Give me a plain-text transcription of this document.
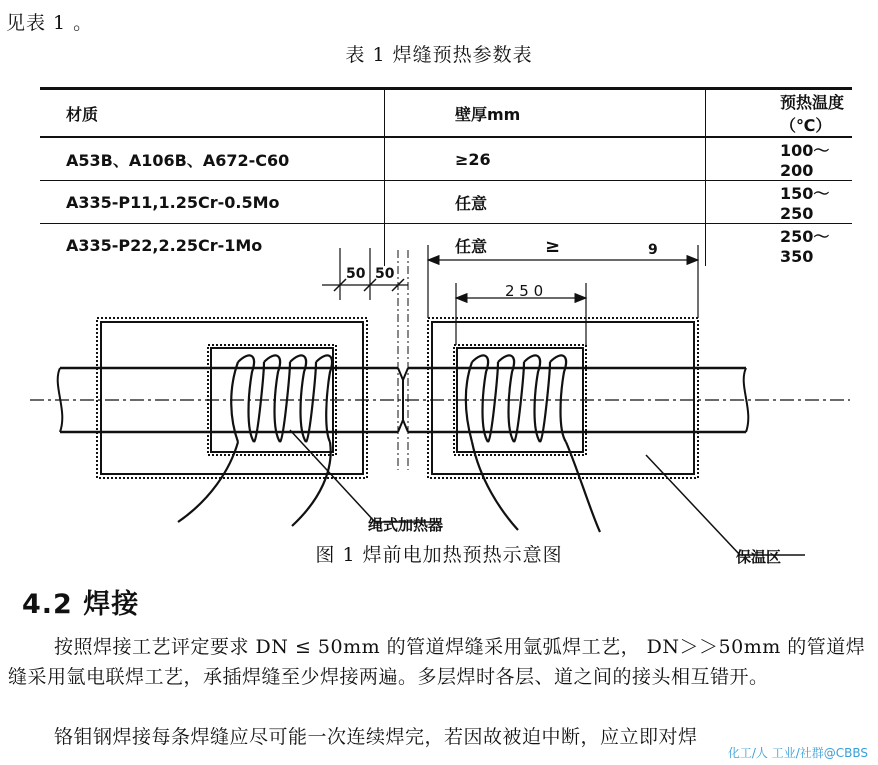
见表 1 。
表 1 焊缝预热参数表
材质	壁厚mm	预热温度（℃）
A53B、A106B、A672-C60	≥26	100～200
A335-P11,1.25Cr-0.5Mo	任意	150～250
A335-P22,2.25Cr-1Mo	任意	250～350
50 50
≥	9
2 5 0
绳式加热器
保温区
图 1 焊前电加热预热示意图
4.2 焊接
按照焊接工艺评定要求 DN ≤ 50mm 的管道焊缝采用氩弧焊工艺， DN＞＞50mm 的管道焊缝采用氩电联焊工艺，承插焊缝至少焊接两遍。多层焊时各层、道之间的接头相互错开。
铬钼钢焊接每条焊缝应尽可能一次连续焊完，若因故被迫中断，应立即对焊
化工/人 工业/社群@CBBS
